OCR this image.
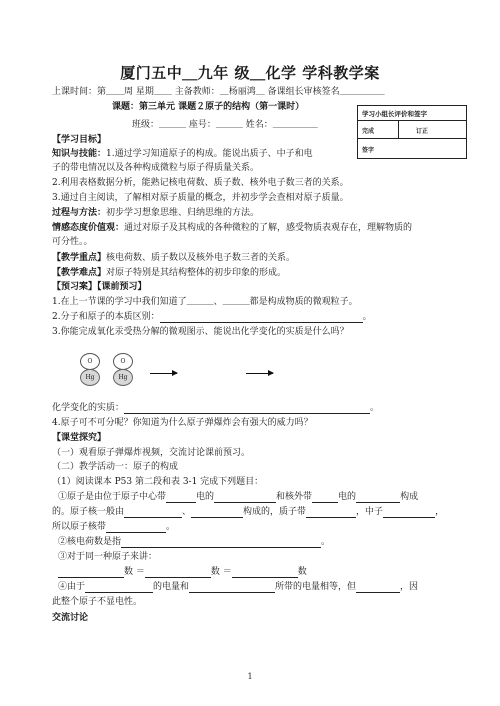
厦门五中＿九年 级＿化学 学科教学案
上课时间：第＿＿周 星期＿＿ 主备教师：＿杨丽鸿＿ 备课组长审核签名＿＿＿＿＿
课题：第三单元 课题２原子的结构（第一课时）
班级：＿＿＿ 座号：＿＿＿ 姓名：＿＿＿＿＿
学习小组长评价和签字
完成	订正
签字
【学习目标】
知识与技能：1.通过学习知道原子的构成。能说出质子、中子和电
子的带电情况以及各种构成微粒与原子得质量关系。
2.利用表格数据分析，能熟记核电荷数、质子数、核外电子数三者的关系。
3.通过自主阅读，了解相对原子质量的概念，并初步学会查相对原子质量。
过程与方法：初步学习想象思维、归纳思维的方法。
情感态度价值观：通过对原子及其构成的各种微粒的了解，感受物质表观存在，理解物质的
可分性。。
【教学重点】核电荷数、质子数以及核外电子数三者的关系。
【教学难点】对原子特别是其结构整体的初步印象的形成。
【预习案】【课前预习】
1.在上一节课的学习中我们知道了＿＿＿、＿＿＿都是构成物质的微观粒子。
2.分子和原子的本质区别：	。
3.你能完成氧化汞受热分解的微观图示、能说出化学变化的实质是什么吗？
O	O
Hg	Hg
化学变化的实质：	。
4.原子可不可分呢？你知道为什么原子弹爆炸会有强大的威力吗？
【课堂探究】
（一）观看原子弹爆炸视频，交流讨论课前预习。
（二）教学活动一：原子的构成
（1）阅读课本 P53 第二段和表 3-1 完成下列题目：
①原子是由位于原子中心带	电的	和核外带	电的	构成
的。原子核一般由	、	构成的，质子带	，中子	，
所以原子核带	。
②核电荷数是指	。
③对于同一种原子来讲：
数 ＝	数 ＝	数
④由于	的电量和	所带的电量相等，但	，因
此整个原子不显电性。
交流讨论
1
